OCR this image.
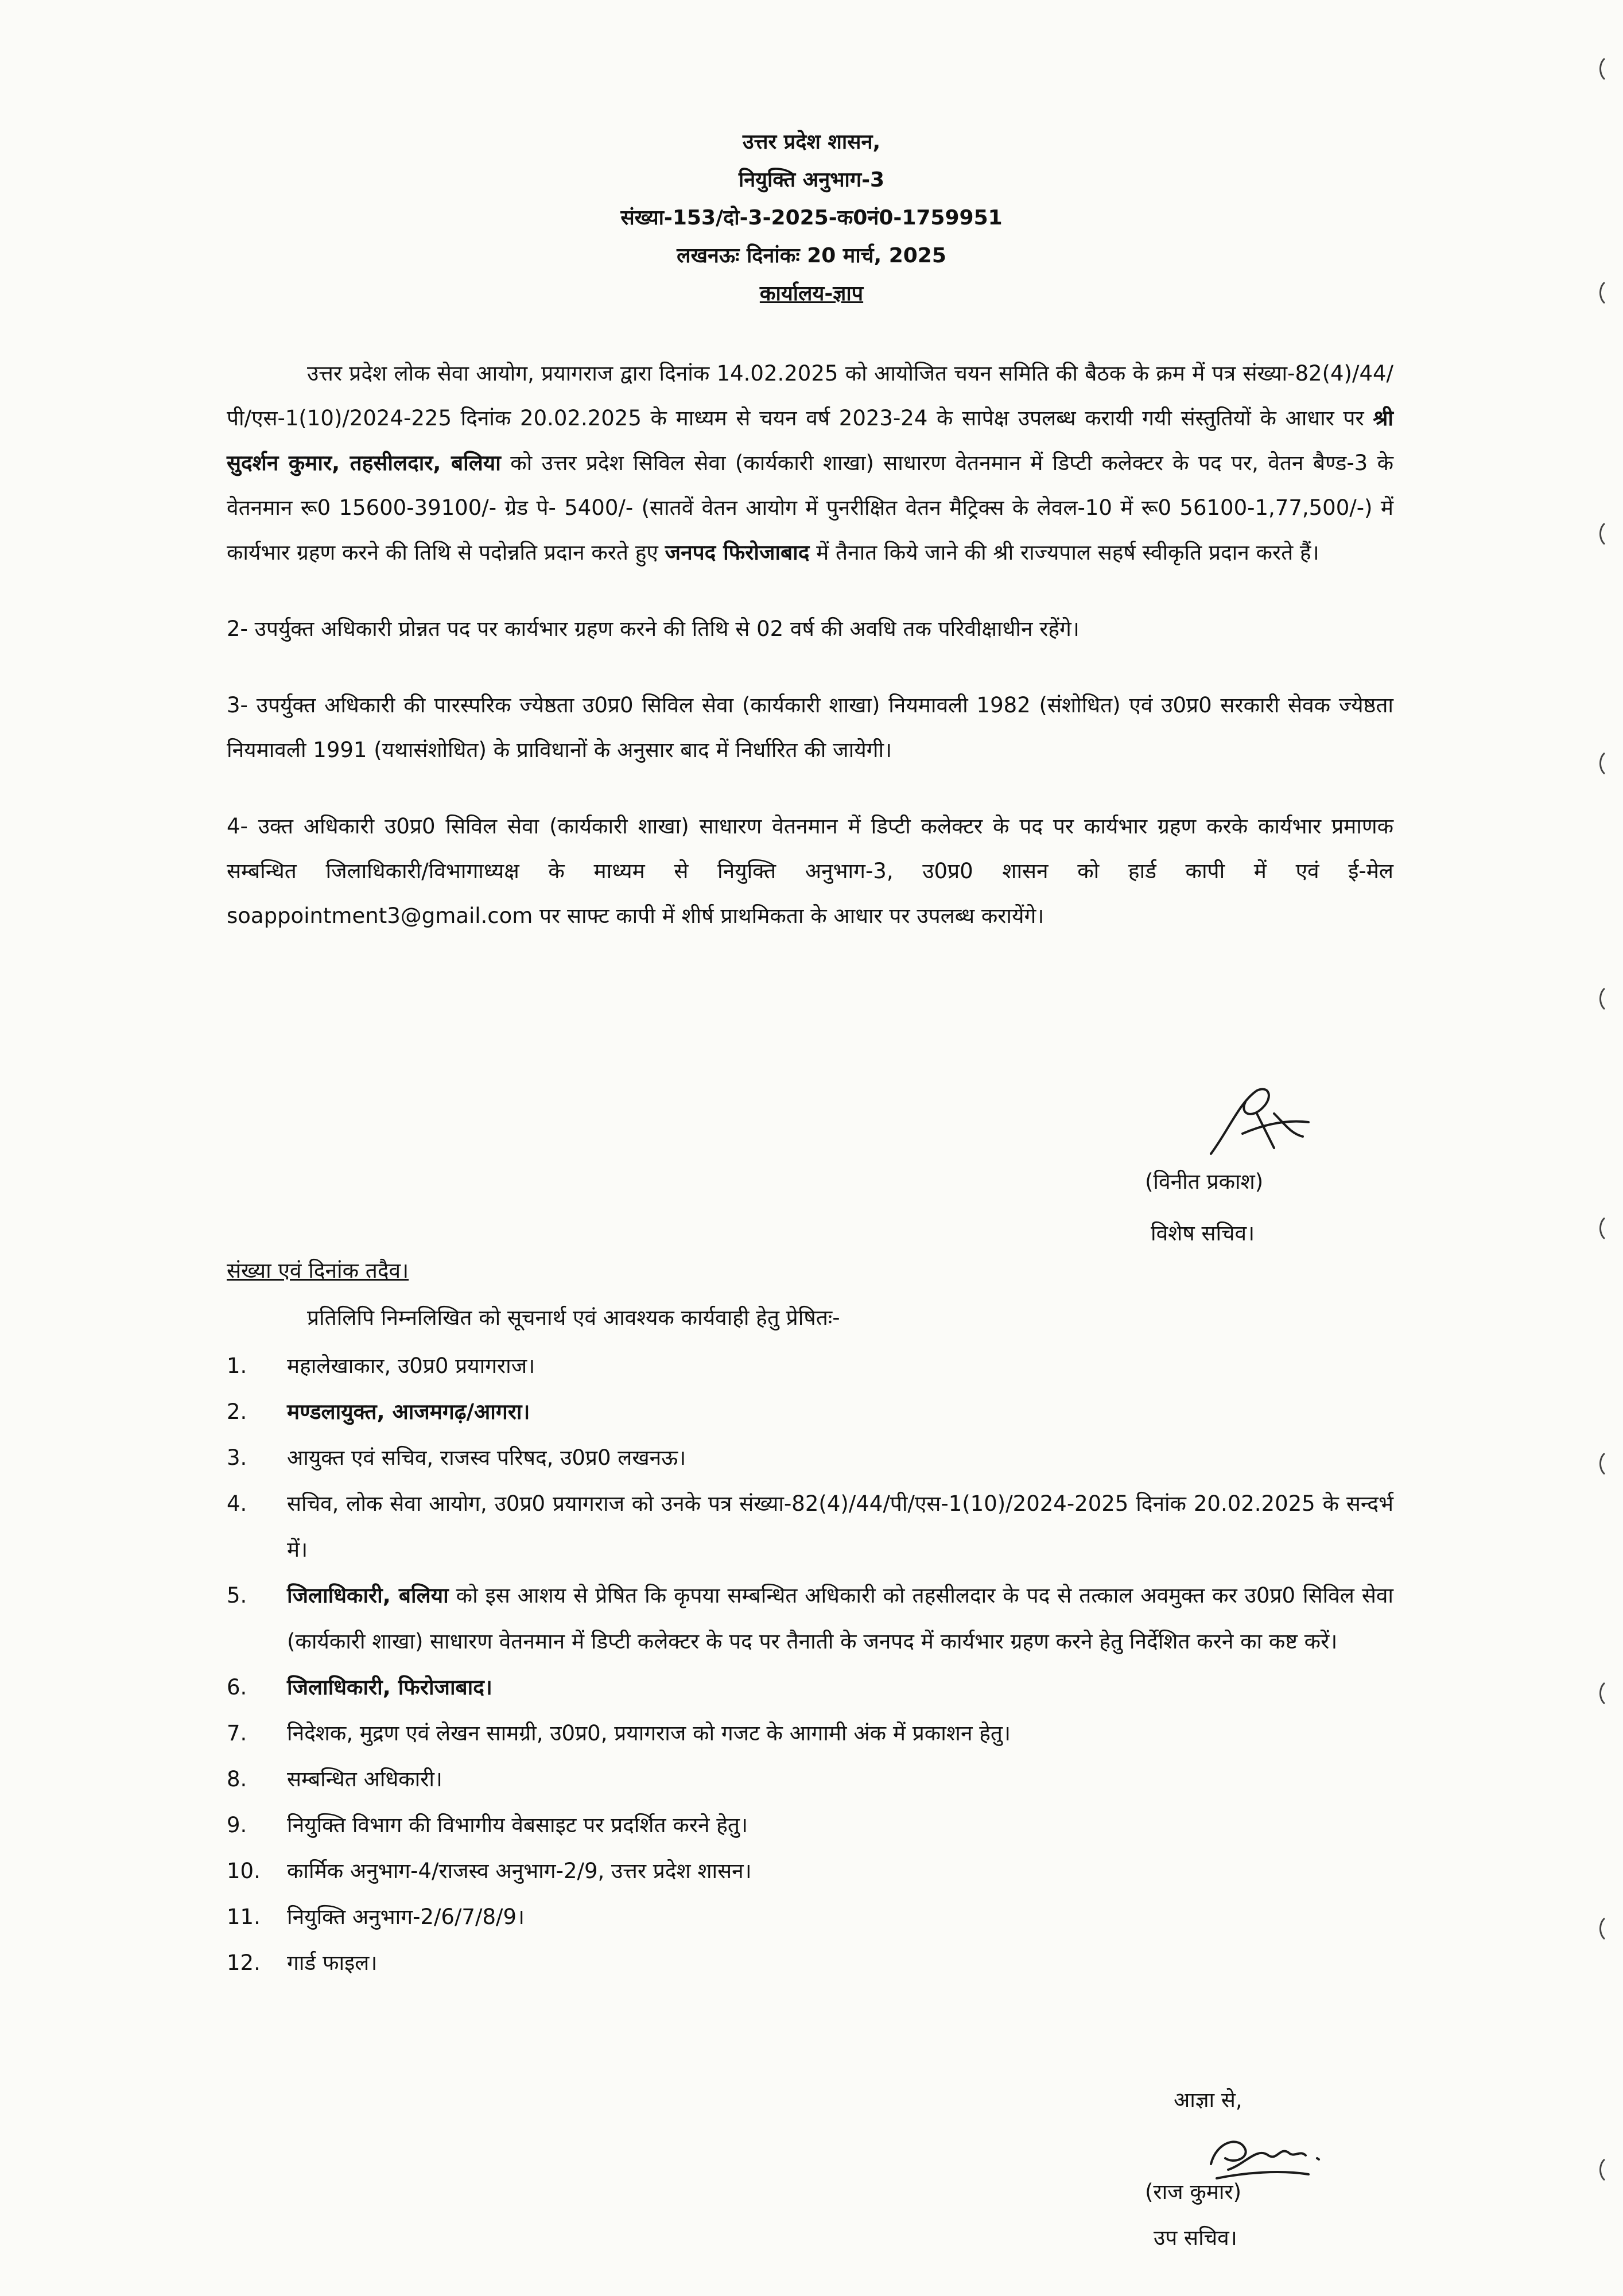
उत्तर प्रदेश शासन,
नियुक्ति अनुभाग-3
संख्या-153/दो-3-2025-क0नं0-1759951
लखनऊः दिनांकः 20 मार्च, 2025
कार्यालय-ज्ञाप

उत्तर प्रदेश लोक सेवा आयोग, प्रयागराज द्वारा दिनांक 14.02.2025 को आयोजित चयन समिति की बैठक के क्रम में पत्र संख्या-82(4)/44/पी/एस-1(10)/2024-225 दिनांक 20.02.2025 के माध्यम से चयन वर्ष 2023-24 के सापेक्ष उपलब्ध करायी गयी संस्तुतियों के आधार पर श्री सुदर्शन कुमार, तहसीलदार, बलिया को उत्तर प्रदेश सिविल सेवा (कार्यकारी शाखा) साधारण वेतनमान में डिप्टी कलेक्टर के पद पर, वेतन बैण्ड-3 के वेतनमान रू0 15600-39100/- ग्रेड पे- 5400/- (सातवें वेतन आयोग में पुनरीक्षित वेतन मैट्रिक्स के लेवल-10 में रू0 56100-1,77,500/-) में कार्यभार ग्रहण करने की तिथि से पदोन्नति प्रदान करते हुए जनपद फिरोजाबाद में तैनात किये जाने की श्री राज्यपाल सहर्ष स्वीकृति प्रदान करते हैं।

2- उपर्युक्त अधिकारी प्रोन्नत पद पर कार्यभार ग्रहण करने की तिथि से 02 वर्ष की अवधि तक परिवीक्षाधीन रहेंगे।

3- उपर्युक्त अधिकारी की पारस्परिक ज्येष्ठता उ0प्र0 सिविल सेवा (कार्यकारी शाखा) नियमावली 1982 (संशोधित) एवं उ0प्र0 सरकारी सेवक ज्येष्ठता नियमावली 1991 (यथासंशोधित) के प्राविधानों के अनुसार बाद में निर्धारित की जायेगी।

4- उक्त अधिकारी उ0प्र0 सिविल सेवा (कार्यकारी शाखा) साधारण वेतनमान में डिप्टी कलेक्टर के पद पर कार्यभार ग्रहण करके कार्यभार प्रमाणक सम्बन्धित जिलाधिकारी/विभागाध्यक्ष के माध्यम से नियुक्ति अनुभाग-3, उ0प्र0 शासन को हार्ड कापी में एवं ई-मेल soappointment3@gmail.com पर साफ्ट कापी में शीर्ष प्राथमिकता के आधार पर उपलब्ध करायेंगे।

(विनीत प्रकाश)
विशेष सचिव।
संख्या एवं दिनांक तदैव।
प्रतिलिपि निम्नलिखित को सूचनार्थ एवं आवश्यक कार्यवाही हेतु प्रेषितः-
1.	महालेखाकार, उ0प्र0 प्रयागराज।
2.	मण्डलायुक्त, आजमगढ़/आगरा।
3.	आयुक्त एवं सचिव, राजस्व परिषद, उ0प्र0 लखनऊ।
4.	सचिव, लोक सेवा आयोग, उ0प्र0 प्रयागराज को उनके पत्र संख्या-82(4)/44/पी/एस-1(10)/2024-2025 दिनांक 20.02.2025 के सन्दर्भ में।
5.	जिलाधिकारी, बलिया को इस आशय से प्रेषित कि कृपया सम्बन्धित अधिकारी को तहसीलदार के पद से तत्काल अवमुक्त कर उ0प्र0 सिविल सेवा (कार्यकारी शाखा) साधारण वेतनमान में डिप्टी कलेक्टर के पद पर तैनाती के जनपद में कार्यभार ग्रहण करने हेतु निर्देशित करने का कष्ट करें।
6.	जिलाधिकारी, फिरोजाबाद।
7.	निदेशक, मुद्रण एवं लेखन सामग्री, उ0प्र0, प्रयागराज को गजट के आगामी अंक में प्रकाशन हेतु।
8.	सम्बन्धित अधिकारी।
9.	नियुक्ति विभाग की विभागीय वेबसाइट पर प्रदर्शित करने हेतु।
10.	कार्मिक अनुभाग-4/राजस्व अनुभाग-2/9, उत्तर प्रदेश शासन।
11.	नियुक्ति अनुभाग-2/6/7/8/9।
12.	गार्ड फाइल।
आज्ञा से,
(राज कुमार)
उप सचिव।
